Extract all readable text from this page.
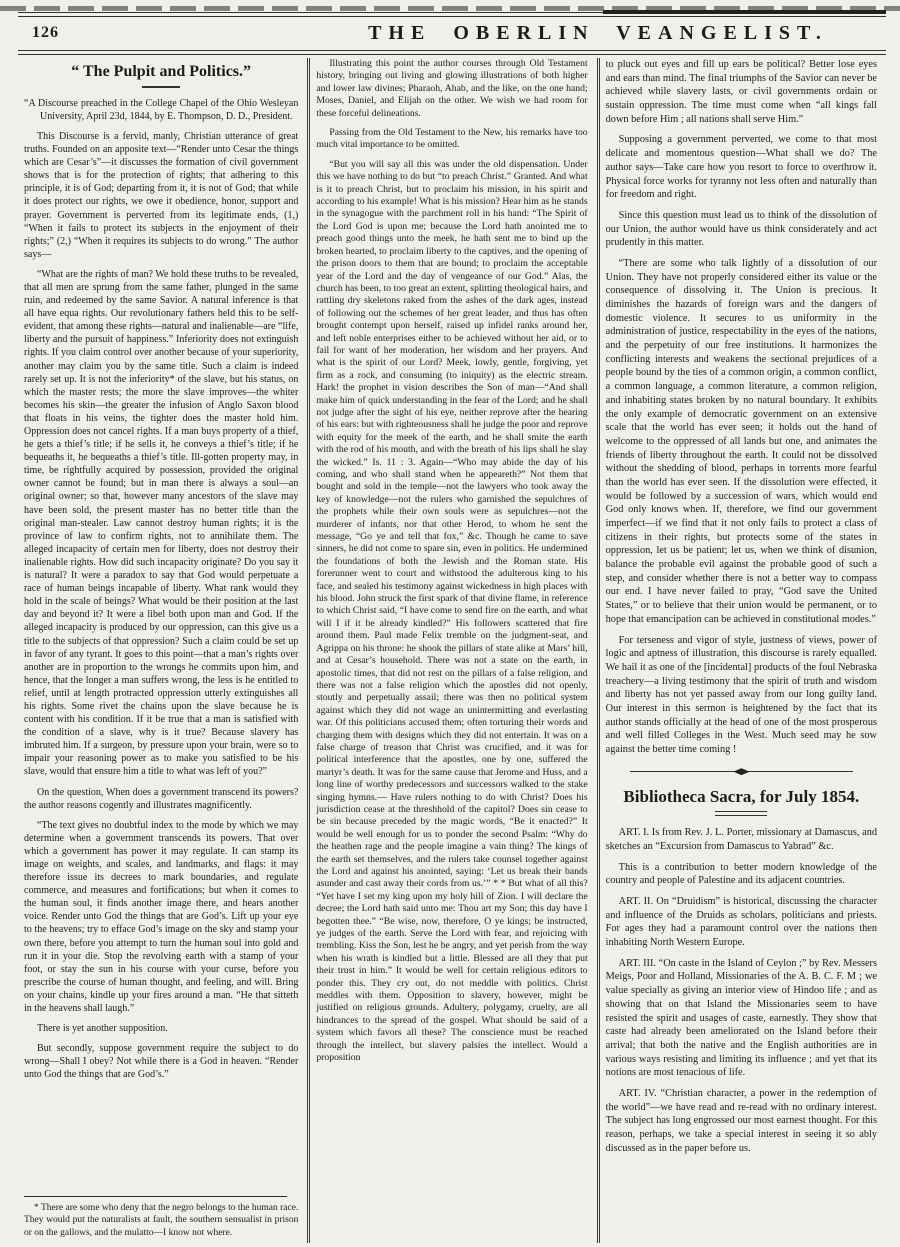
126	THE OBERLIN VEANGELIST.
“ The Pulpit and Politics.”

“A Discourse preached in the College Chapel of the Ohio Wesleyan University, April 23d, 1844, by E. Thompson, D. D., President.

This Discourse is a fervid, manly, Christian utterance of great truths. Founded on an apposite text—“Render unto Cesar the things which are Cesar’s”—it discusses the formation of civil government shows that is for the protection of rights; that adhering to this principle, it is of God; departing from it, it is not of God; that while it does protect our rights, we owe it obedience, honor, support and prayer. Government is perverted from its legitimate ends, (1,) “When it fails to protect its subjects in the enjoyment of their rights;” (2,) “When it requires its subjects to do wrong.” The author says—

“What are the rights of man? We hold these truths to be revealed, that all men are sprung from the same father, plunged in the same ruin, and redeemed by the same Savior. A natural inference is that all have equa rights. Our revolutionary fathers held this to be self-evident, that among these rights—natural and inalienable—are “life, liberty and the pursuit of happiness.” Inferiority does not extinguish rights. If you claim control over another because of your superiority, another may claim you by the same title. Such a claim is indeed rarely set up. It is not the inferiority* of the slave, but his status, on which the master rests; the more the slave improves—the whiter becomes his skin—the greater the infusion of Anglo Saxon blood that floats in his veins, the tighter does the master hold him. Oppression does not cancel rights. If a man buys property of a thief, he gets a thief’s title; if he sells it, he conveys a thief’s title; if he bequeaths it, he bequeaths a thief’s title. Ill-gotten property may, in time, be rightfully acquired by possession, provided the original owner cannot be found; but in man there is always a soul—an original owner; so that, however many ancestors of the slave may have been sold, the present master has no better title than the original man-stealer. Law cannot destroy human rights; it is the province of law to confirm rights, not to annihilate them. The alleged incapacity of certain men for liberty, does not destroy their inalienable rights. How did such incapacity originate? Do you say it is natural? It were a paradox to say that God would perpetuate a race of human beings incapable of liberty. What rank would they hold in the scale of beings? What would be their position at the last day and beyond it? It were a libel both upon man and God. If the alleged incapacity is produced by our oppression, can this give us a title to the subjects of that oppression? Such a claim could be set up in favor of any tyrant. It goes to this point—that a man’s rights over another are in proportion to the wrongs he commits upon him, and hence, that the longer a man suffers wrong, the less is he entitled to relief, until at length protracted oppression utterly extinguishes all his rights. Some rivet the chains upon the slave because he is content with his condition. If it be true that a man is satisfied with the condition of a slave, why is it true? Because slavery has imbruted him. If a surgeon, by pressure upon your brain, were so to impair your reasoning power as to make you satisfied to be his slave, would that ensure him a title to what was left of you?”

On the question, When does a government transcend its powers? the author reasons cogently and illustrates magnificently.

“The text gives no doubtful index to the mode by which we may determine when a government transcends its powers. That over which a government has power it may regulate. It can stamp its image on weights, and scales, and landmarks, and flags: it may therefore issue its decrees to mark boundaries, and regulate commerce, and measures and fortifications; but when it comes to the human soul, it finds another image there, and hears another voice. Render unto God the things that are God’s. Lift up your eye to the heavens; try to efface God’s image on the sky and stamp your own there, before you attempt to turn the human soul into gold and run it in your die. Stop the revolving earth with a stamp of your foot, or stay the sun in his course with your curse, before you prescribe the course of human thought, and feeling, and will. Bring on your chains, kindle up your fires around a man. “He that sitteth in the heavens shall laugh.”

There is yet another supposition.

But secondly, suppose government require the subject to do wrong—Shall I obey? Not while there is a God in heaven. “Render unto God the things that are God’s.”

* There are some who deny that the negro belongs to the human race. They would put the naturalists at fault, the southern sensualist in prison or on the gallows, and the mulatto—I know not where.

Illustrating this point the author courses through Old Testament history, bringing out living and glowing illustrations of both higher and lower law divines; Pharaoh, Ahab, and the like, on the one hand; Moses, Daniel, and Elijah on the other. We wish we had room for these forceful delineations.

Passing from the Old Testament to the New, his remarks have too much vital importance to be omitted.

“But you will say all this was under the old dispensation. Under this we have nothing to do but “to preach Christ.” Granted. And what is it to preach Christ, but to proclaim his mission, in his spirit and according to his example! What is his mission? Hear him as he stands in the synagogue with the parchment roll in his hand: “The Spirit of the Lord God is upon me; because the Lord hath anointed me to preach good things unto the meek, he hath sent me to bind up the broken hearted, to proclaim liberty to the captives, and the opening of the prison doors to them that are bound; to proclaim the acceptable year of the Lord and the day of vengeance of our God.” Alas, the church has been, to too great an extent, splitting theological hairs, and rattling dry skeletons raked from the ashes of the dark ages, instead of following out the schemes of her great leader, and thus has often brought contempt upon herself, raised up infidel ranks around her, and left noble enterprises either to be achieved without her aid, or to fail for want of her moderation, her wisdom and her prayers. And what is the spirit of our Lord? Meek, lowly, gentle, forgiving, yet firm as a rock, and consuming (to iniquity) as the electric stream. Hark! the prophet in vision describes the Son of man—“And shall make him of quick understanding in the fear of the Lord; and he shall not judge after the sight of his eye, neither reprove after the hearing of his ears: but with righteousness shall he judge the poor and reprove with equity for the meek of the earth, and he shall smite the earth with the rod of his mouth, and with the breath of his lips shall he slay the wicked.” Is. 11 : 3. Again—“Who may abide the day of his coming, and who shall stand when he appeareth?” Not them that bought and sold in the temple—not the lawyers who took away the key of knowledge—not the rulers who garnished the sepulchres of the prophets while their own souls were as sepulchres—not the murderer of infants, nor that other Herod, to whom he sent the message, “Go ye and tell that fox,” &c. Though he came to save sinners, he did not come to spare sin, even in politics. He undermined the foundations of both the Jewish and the Roman state. His forerunner went to court and withstood the adulterous king to his face, and sealed his testimony against wickedness in high places with his blood. John struck the first spark of that divine flame, in reference to which Christ said, “I have come to send fire on the earth, and what will I if it be already kindled?” His followers scattered that fire around them. Paul made Felix tremble on the judgment-seat, and Agrippa on his throne: he shook the pillars of state alike at Mars’ hill, and at Cesar’s household. There was not a state on the earth, in apostolic times, that did not rest on the pillars of a false religion, and there was not a false religion which the apostles did not openly, stoutly and perpetually assail; there was then no political system against which they did not wage an unintermitting and everlasting war. Of this politicians accused them; often torturing their words and charging them with designs which they did not entertain. It was on a false charge of treason that Christ was crucified, and it was for political interference that the apostles, one by one, suffered the martyr’s death. It was for the same cause that Jerome and Huss, and a long line of worthy predecessors and successors walked to the stake singing hymns.— Have rulers nothing to do with Christ? Does his jurisdiction cease at the threshhold of the capitol? Does sin cease to be sin because preceded by the magic words, “Be it enacted?” It would be well enough for us to ponder the second Psalm: “Why do the heathen rage and the people imagine a vain thing? The kings of the earth set themselves, and the rulers take counsel together against the Lord and against his anointed, saying: ‘Let us break their bands asunder and cast away their cords from us.’” * * But what of all this? “Yet have I set my king upon my holy hill of Zion. I will declare the decree; the Lord hath said unto me: Thou art my Son; this day have I begotten thee.” “Be wise, now, therefore, O ye kings; be instructed, ye judges of the earth. Serve the Lord with fear, and rejoicing with trembling. Kiss the Son, lest he be angry, and yet perish from the way when his wrath is kindled but a little. Blessed are all they that put their trust in him.” It would be well for certain religious editors to ponder this. They cry out, do not meddle with politics. Christ meddles with them. Opposition to slavery, however, might be justified on religious grounds. Adultery, polygamy, cruelty, are all hindrances to the spread of the gospel. What should be said of a system which favors all these? The conscience must be reached through the intellect, but slavery palsies the intellect. Would a proposition

to pluck out eyes and fill up ears be political? Better lose eyes and ears than mind. The final triumphs of the Savior can never be achieved while slavery lasts, or civil governments ordain or sustain oppression. The time must come when “all kings fall down before Him ; all nations shall serve Him.”

Supposing a government perverted, we come to that most delicate and momentous question—What shall we do? The author says—Take care how you resort to force to overthrow it. Physical force works for tyranny not less often and naturally than for freedom and right.

Since this question must lead us to think of the dissolution of our Union, the author would have us think considerately and act prudently in this matter.

“There are some who talk lightly of a dissolution of our Union. They have not properly considered either its value or the consequence of dissolving it. The Union is precious. It diminishes the hazards of foreign wars and the dangers of domestic violence. It secures to us uniformity in the administration of justice, respectability in the eyes of the nations, and the perpetuity of our free institutions. It harmonizes the conflicting interests and weakens the sectional prejudices of a people bound by the ties of a common origin, a common conflict, a common language, a common literature, a common religion, and inhabiting states broken by no natural boundary. It exhibits the only example of democratic government on an extensive scale that the world has ever seen; it holds out the hand of welcome to the oppressed of all lands but one, and animates the friends of liberty throughout the earth. It could not be dissolved without the shedding of blood, perhaps in torrents more fearful than the world has ever seen. If the dissolution were effected, it would be followed by a succession of wars, which would end God only knows when. If, therefore, we find our government imperfect—if we find that it not only fails to protect a class of citizens in their rights, but protects some of the states in oppression, let us be patient; let us, when we think of disunion, balance the probable evil against the probable good of such a step, and consider whether there is not a better way to compass our end. I have never failed to pray, “God save the United States,” or to believe that their union would be permanent, or to hope that emancipation can be achieved in constitutional modes.”

For terseness and vigor of style, justness of views, power of logic and aptness of illustration, this discourse is rarely equalled. We hail it as one of the [incidental] products of the foul Nebraska treachery—a living testimony that the spirit of truth and wisdom and liberty has not yet passed away from our long guilty land. Our interest in this sermon is heightened by the fact that its author stands officially at the head of one of the most prosperous and well filled Colleges in the West. Much seed may he sow against the better time coming !

◆
Bibliotheca Sacra, for July 1854.

ART. I. Is from Rev. J. L. Porter, missionary at Damascus, and sketches an “Excursion from Damascus to Yabrad” &c.

This is a contribution to better modern knowledge of the country and people of Palestine and its adjacent countries.

ART. II. On “Druidism” is historical, discussing the character and influence of the Druids as scholars, politicians and priests. For ages they had a paramount control over the nations then inhabiting North Western Europe.

ART. III. “On caste in the Island of Ceylon ;” by Rev. Messers Meigs, Poor and Holland, Missionaries of the A. B. C. F. M ; we value specially as giving an interior view of Hindoo life ; and as showing that on that Island the Missionaries seem to have resisted the spirit and usages of caste, earnestly. They show that caste had already been ameliorated on the Island before their arrival; that both the native and the English authorities are in various ways resisting and limiting its influence ; and yet that its notions are most tenacious of life.

ART. IV. “Christian character, a power in the redemption of the world”—we have read and re-read with no ordinary interest. The subject has long engrossed our most earnest thought. For this reason, perhaps, we take a special interest in seeing it so ably discussed as in the paper before us.
